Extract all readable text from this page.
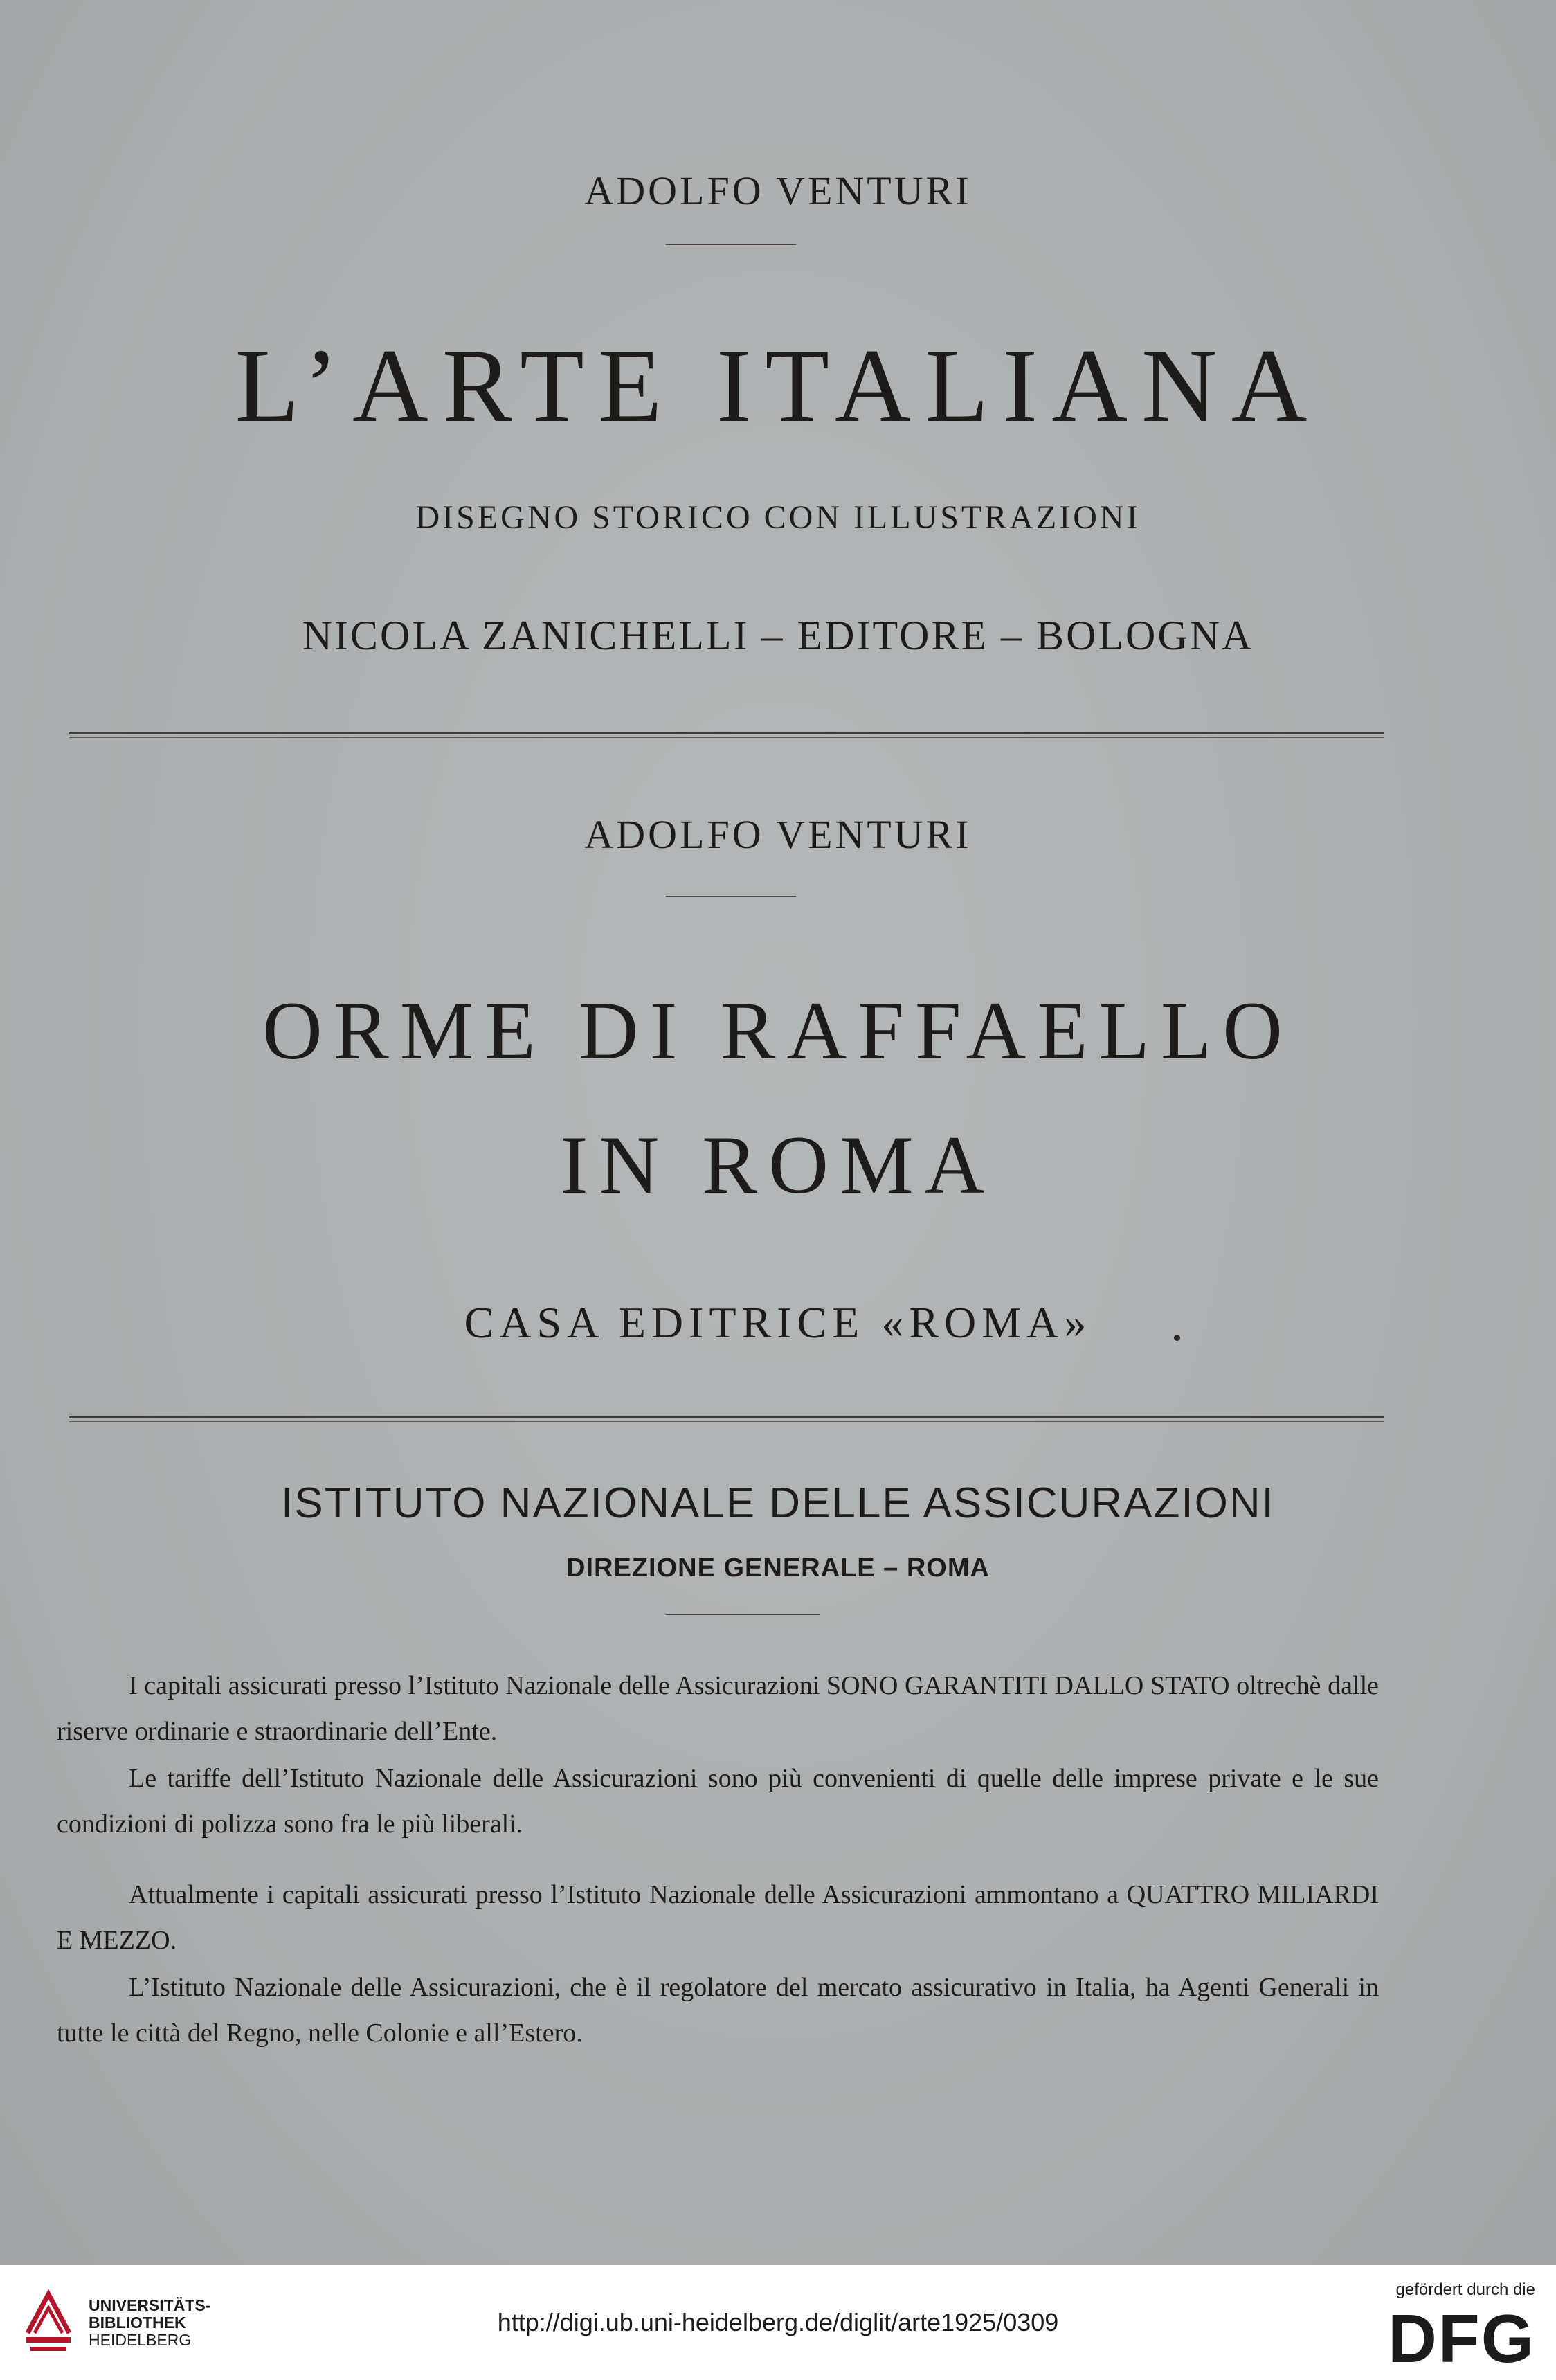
ADOLFO VENTURI
L’ARTE ITALIANA
DISEGNO STORICO CON ILLUSTRAZIONI
NICOLA ZANICHELLI – EDITORE – BOLOGNA
ADOLFO VENTURI
ORME DI RAFFAELLO
IN ROMA
CASA EDITRICE «ROMA»
ISTITUTO NAZIONALE DELLE ASSICURAZIONI
DIREZIONE GENERALE – ROMA

I capitali assicurati presso l’Istituto Nazionale delle Assicurazioni SONO GARANTITI DALLO STATO oltrechè dalle riserve ordinarie e straordinarie dell’Ente.

Le tariffe dell’Istituto Nazionale delle Assicurazioni sono più convenienti di quelle delle imprese private e le sue condizioni di polizza sono fra le più liberali.

Attualmente i capitali assicurati presso l’Istituto Nazionale delle Assicurazioni ammontano a QUATTRO MILIARDI E MEZZO.

L’Istituto Nazionale delle Assicurazioni, che è il regolatore del mercato assicurativo in Italia, ha Agenti Generali in tutte le città del Regno, nelle Colonie e all’Estero.

UNIVERSITÄTS-
BIBLIOTHEK
HEIDELBERG
http://digi.ub.uni-heidelberg.de/diglit/arte1925/0309
gefördert durch die
DFG
